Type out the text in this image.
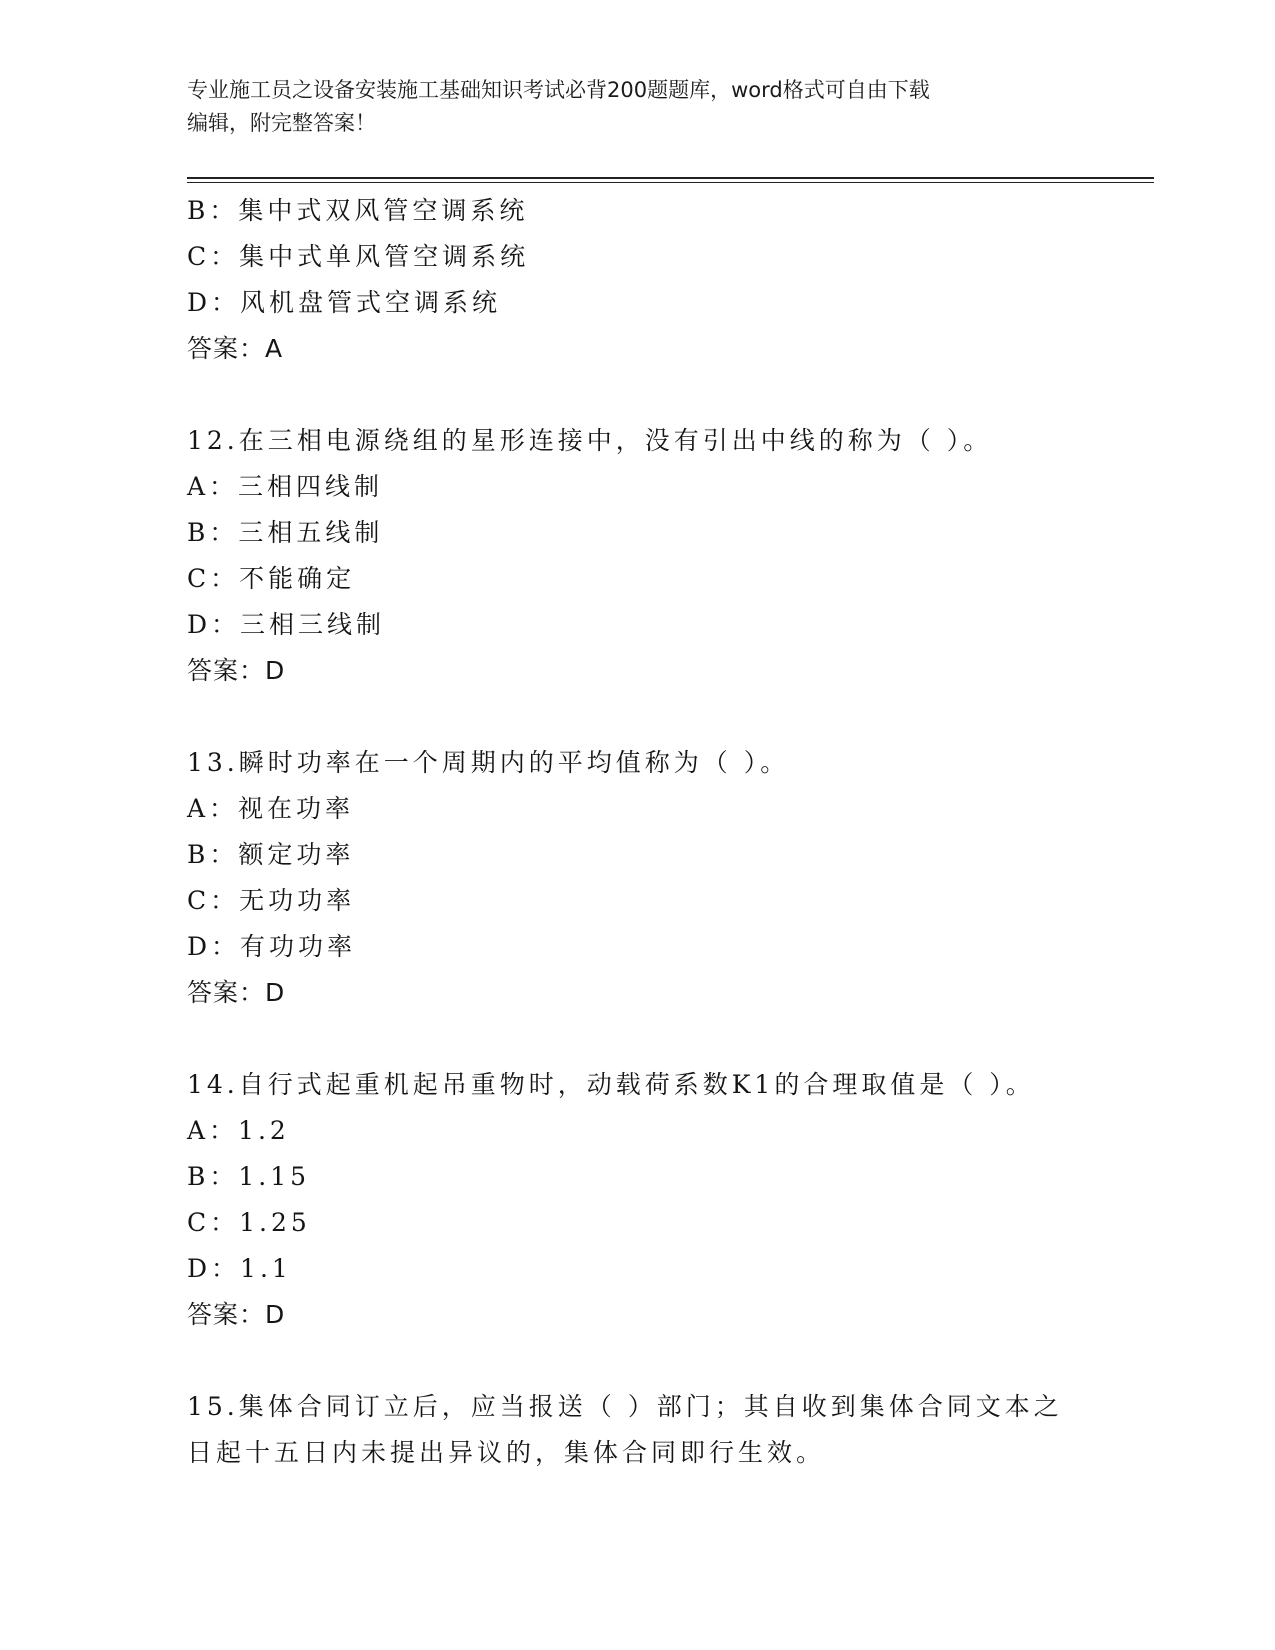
专业施工员之设备安装施工基础知识考试必背200题题库，word格式可自由下载
编辑，附完整答案！
B：集中式双风管空调系统
C：集中式单风管空调系统
D：风机盘管式空调系统
答案：A
12.在三相电源绕组的星形连接中，没有引出中线的称为（ ）。
A：三相四线制
B：三相五线制
C：不能确定
D：三相三线制
答案：D
13.瞬时功率在一个周期内的平均值称为（ ）。
A：视在功率
B：额定功率
C：无功功率
D：有功功率
答案：D
14.自行式起重机起吊重物时，动载荷系数K1的合理取值是（ ）。
A：1.2
B：1.15
C：1.25
D：1.1
答案：D
15.集体合同订立后，应当报送（ ）部门；其自收到集体合同文本之
日起十五日内未提出异议的，集体合同即行生效。
